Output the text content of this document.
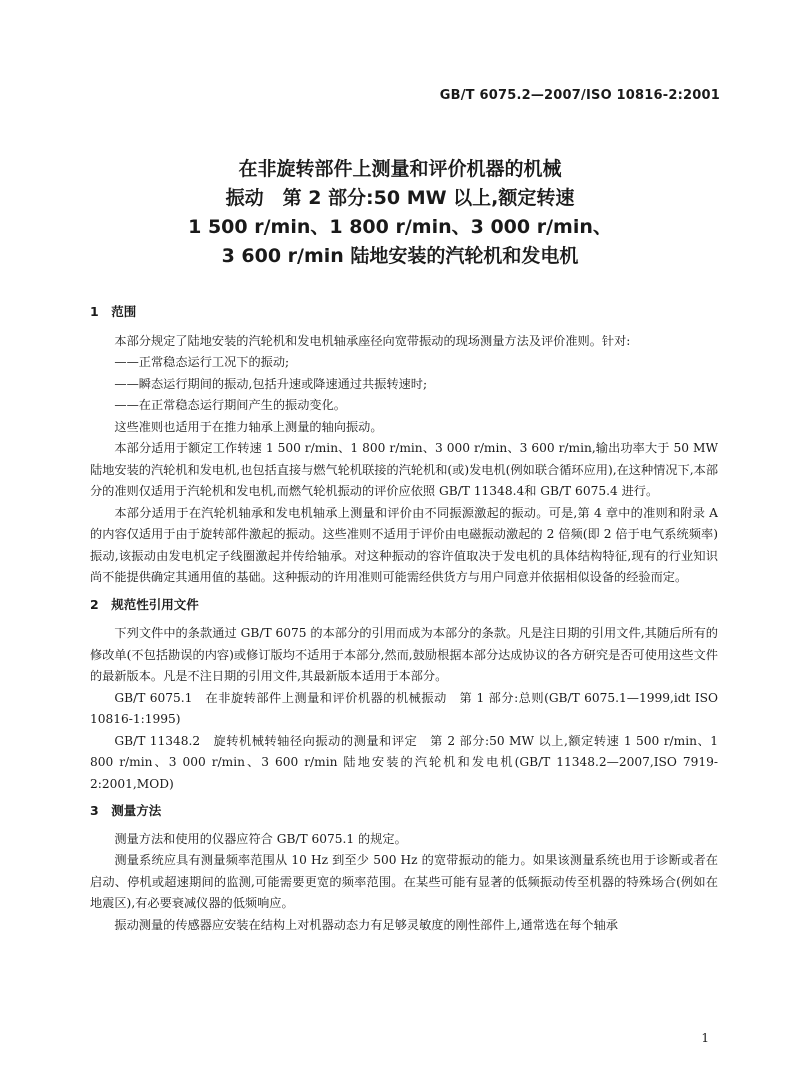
GB/T 6075.2—2007/ISO 10816-2:2001
在非旋转部件上测量和评价机器的机械
振动　第 2 部分:50 MW 以上,额定转速
1 500 r/min、1 800 r/min、3 000 r/min、
3 600 r/min 陆地安装的汽轮机和发电机

1　范围

本部分规定了陆地安装的汽轮机和发电机轴承座径向宽带振动的现场测量方法及评价准则。针对:

——正常稳态运行工况下的振动;

——瞬态运行期间的振动,包括升速或降速通过共振转速时;

——在正常稳态运行期间产生的振动变化。

这些准则也适用于在推力轴承上测量的轴向振动。

本部分适用于额定工作转速 1 500 r/min、1 800 r/min、3 000 r/min、3 600 r/min,输出功率大于 50 MW陆地安装的汽轮机和发电机,也包括直接与燃气轮机联接的汽轮机和(或)发电机(例如联合循环应用),在这种情况下,本部分的准则仅适用于汽轮机和发电机,而燃气轮机振动的评价应依照 GB/T 11348.4和 GB/T 6075.4 进行。

本部分适用于在汽轮机轴承和发电机轴承上测量和评价由不同振源激起的振动。可是,第 4 章中的准则和附录 A 的内容仅适用于由于旋转部件激起的振动。这些准则不适用于评价由电磁振动激起的 2 倍频(即 2 倍于电气系统频率)振动,该振动由发电机定子线圈激起并传给轴承。对这种振动的容许值取决于发电机的具体结构特征,现有的行业知识尚不能提供确定其通用值的基础。这种振动的许用准则可能需经供货方与用户同意并依据相似设备的经验而定。

2　规范性引用文件

下列文件中的条款通过 GB/T 6075 的本部分的引用而成为本部分的条款。凡是注日期的引用文件,其随后所有的修改单(不包括勘误的内容)或修订版均不适用于本部分,然而,鼓励根据本部分达成协议的各方研究是否可使用这些文件的最新版本。凡是不注日期的引用文件,其最新版本适用于本部分。

GB/T 6075.1　在非旋转部件上测量和评价机器的机械振动　第 1 部分:总则(GB/T 6075.1—1999,idt ISO 10816-1:1995)

GB/T 11348.2　旋转机械转轴径向振动的测量和评定　第 2 部分:50 MW 以上,额定转速 1 500 r/min、1 800 r/min、3 000 r/min、3 600 r/min 陆地安装的汽轮机和发电机(GB/T 11348.2—2007,ISO 7919-2:2001,MOD)

3　测量方法

测量方法和使用的仪器应符合 GB/T 6075.1 的规定。

测量系统应具有测量频率范围从 10 Hz 到至少 500 Hz 的宽带振动的能力。如果该测量系统也用于诊断或者在启动、停机或超速期间的监测,可能需要更宽的频率范围。在某些可能有显著的低频振动传至机器的特殊场合(例如在地震区),有必要衰减仪器的低频响应。

振动测量的传感器应安装在结构上对机器动态力有足够灵敏度的刚性部件上,通常选在每个轴承

1
